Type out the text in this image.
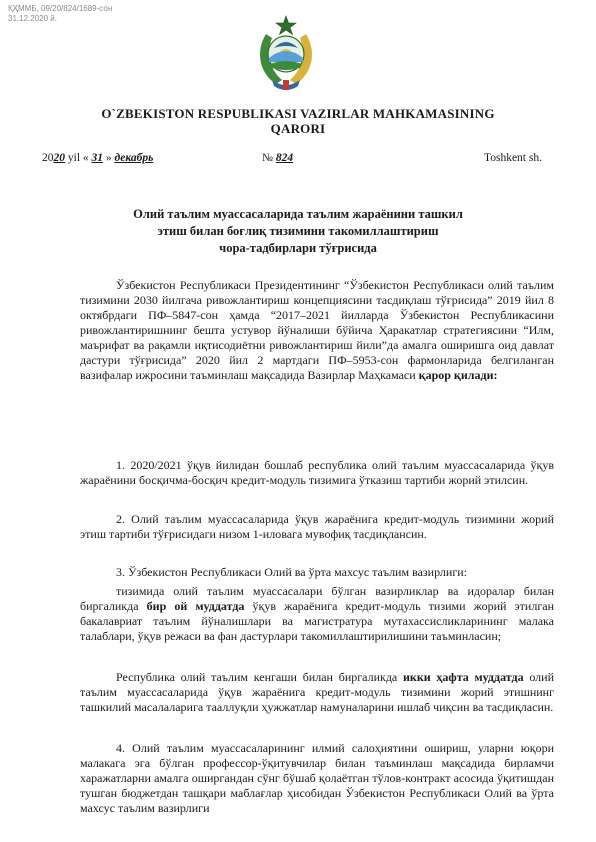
ҚҲММБ, 09/20/824/1689-сон
31.12.2020 й.
O`ZBEKISTON RESPUBLIKASI VAZIRLAR MAHKAMASINING
QARORI
2020 yil « 31 » декабрь	№ 824	Toshkent sh.
Олий таълим муассасаларида таълим жараёнини ташкил
этиш билан боғлиқ тизимини такомиллаштириш
чора-тадбирлари тўғрисида

Ўзбекистон Республикаси Президентининг “Ўзбекистон Республикаси олий таълим тизимини 2030 йилгача ривожлантириш концепциясини тасдиқлаш тўғрисида” 2019 йил 8 октябрдаги ПФ–5847-сон ҳамда “2017–2021 йилларда Ўзбекистон Республикасини ривожлантиришнинг бешта устувор йўналиши бўйича Ҳаракатлар стратегиясини “Илм, маърифат ва рақамли иқтисодиётни ривожлантириш йили”да амалга оширишга оид давлат дастури тўғрисида” 2020 йил 2 мартдаги ПФ–5953-сон фармонларида белгиланган вазифалар ижросини таъминлаш мақсадида Вазирлар Маҳкамаси қарор қилади:

1. 2020/2021 ўқув йилидан бошлаб республика олий таълим муассасаларида ўқув жараёнини босқичма-босқич кредит-модуль тизимига ўтказиш тартиби жорий этилсин.

2. Олий таълим муассасаларида ўқув жараёнига кредит-модуль тизимини жорий этиш тартиби тўғрисидаги низом 1-иловага мувофиқ тасдиқлансин.

3. Ўзбекистон Республикаси Олий ва ўрта махсус таълим вазирлиги:

тизимида олий таълим муассасалари бўлган вазирликлар ва идоралар билан биргаликда бир ой муддатда ўқув жараёнига кредит-модуль тизими жорий этилган бакалавриат таълим йўналишлари ва магистратура мутахассисликларининг малака талаблари, ўқув режаси ва фан дастурлари такомиллаштирилишини таъминласин;

Республика олий таълим кенгаши билан биргаликда икки ҳафта муддатда олий таълим муассасаларида ўқув жараёнига кредит-модуль тизимини жорий этишнинг ташкилий масалаларига тааллуқли ҳужжатлар намуналарини ишлаб чиқсин ва тасдиқласин.

4. Олий таълим муассасаларининг илмий салоҳиятини ошириш, уларни юқори малакага эга бўлган профессор-ўқитувчилар билан таъминлаш мақсадида бирламчи харажатларни амалга оширгандан сўнг бўшаб қолаётган тўлов-контракт асосида ўқитишдан тушган бюджетдан ташқари маблағлар ҳисобидан Ўзбекистон Республикаси Олий ва ўрта махсус таълим вазирлиги
